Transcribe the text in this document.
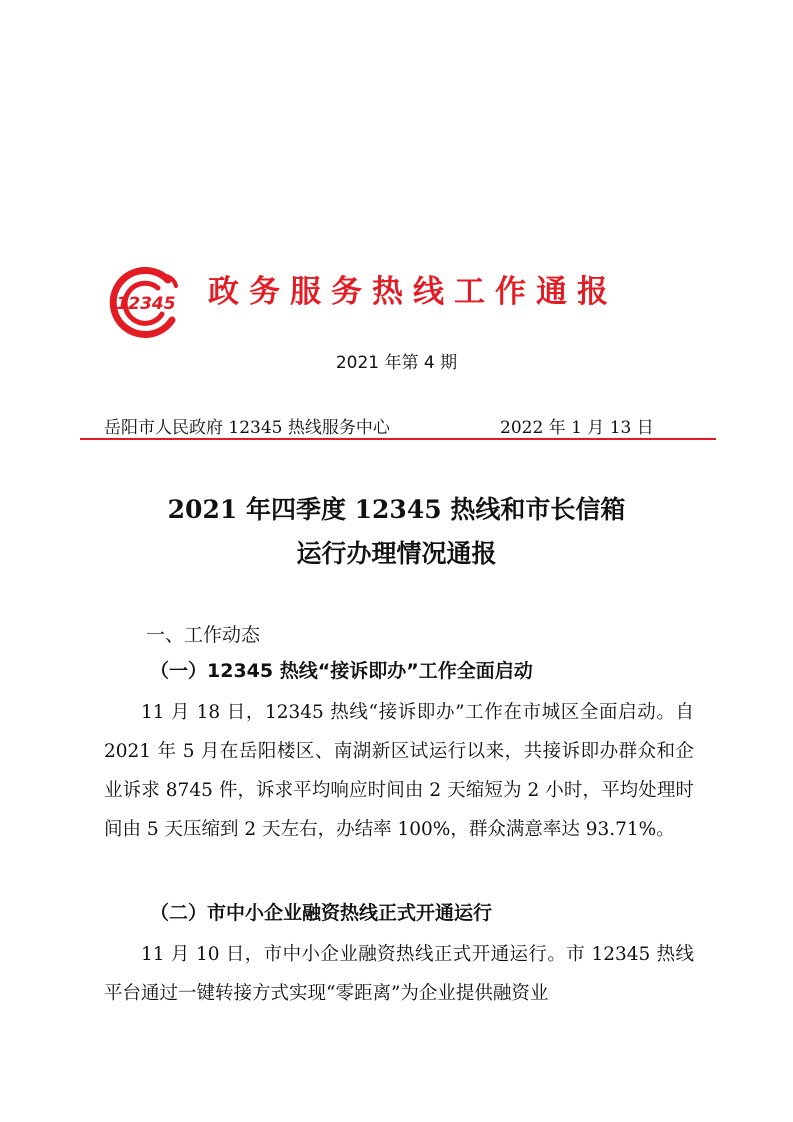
12345 政务服务热线工作通报
2021 年第 4 期
岳阳市人民政府 12345 热线服务中心	2022 年 1 月 13 日
2021 年四季度 12345 热线和市长信箱
运行办理情况通报
一、工作动态
（一）12345 热线“接诉即办”工作全面启动
11 月 18 日，12345 热线“接诉即办”工作在市城区全面启动。自 2021 年 5 月在岳阳楼区、南湖新区试运行以来，共接诉即办群众和企业诉求 8745 件，诉求平均响应时间由 2 天缩短为 2 小时，平均处理时间由 5 天压缩到 2 天左右，办结率 100%，群众满意率达 93.71%。
（二）市中小企业融资热线正式开通运行
11 月 10 日，市中小企业融资热线正式开通运行。市 12345 热线平台通过一键转接方式实现“零距离”为企业提供融资业
